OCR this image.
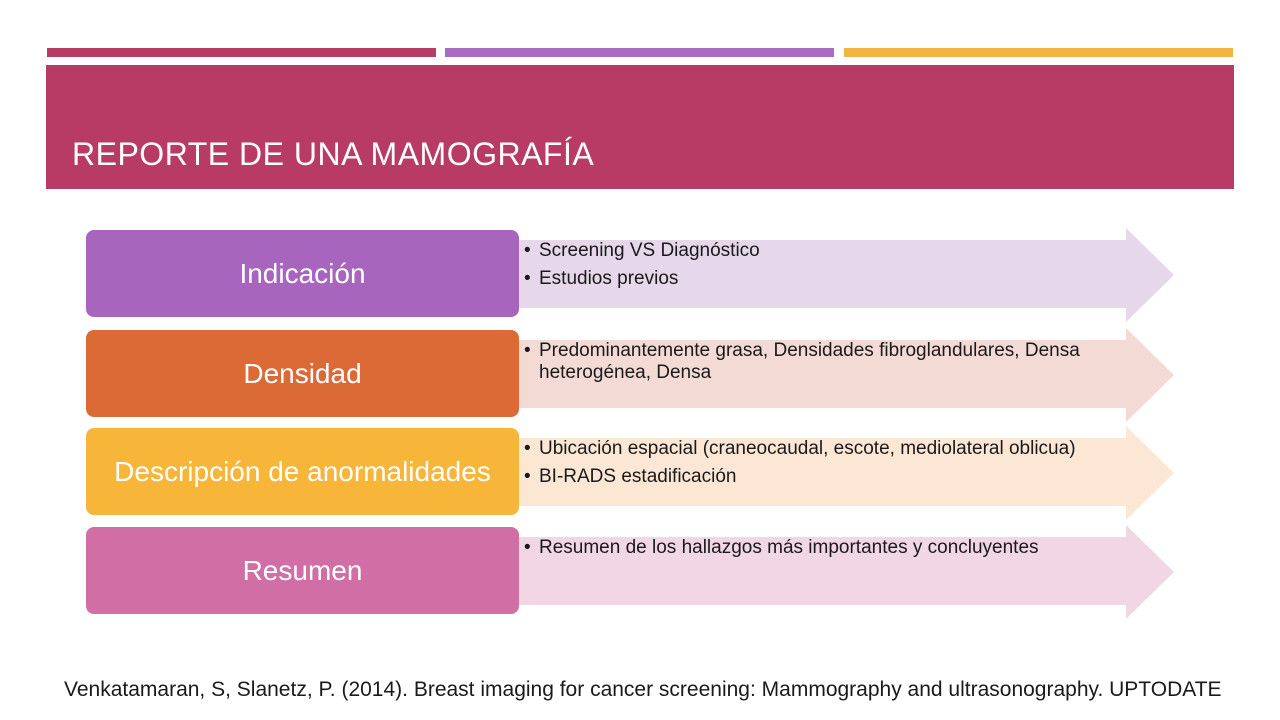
REPORTE DE UNA MAMOGRAFÍA
Indicación
• Screening VS Diagnóstico
• Estudios previos
Densidad
• Predominantemente grasa, Densidades fibroglandulares, Densa heterogénea, Densa
Descripción de anormalidades
• Ubicación espacial (craneocaudal, escote, mediolateral oblicua)
• BI-RADS estadificación
Resumen
• Resumen de los hallazgos más importantes y concluyentes
Venkatamaran, S, Slanetz, P. (2014). Breast imaging for cancer screening: Mammography and ultrasonography. UPTODATE
